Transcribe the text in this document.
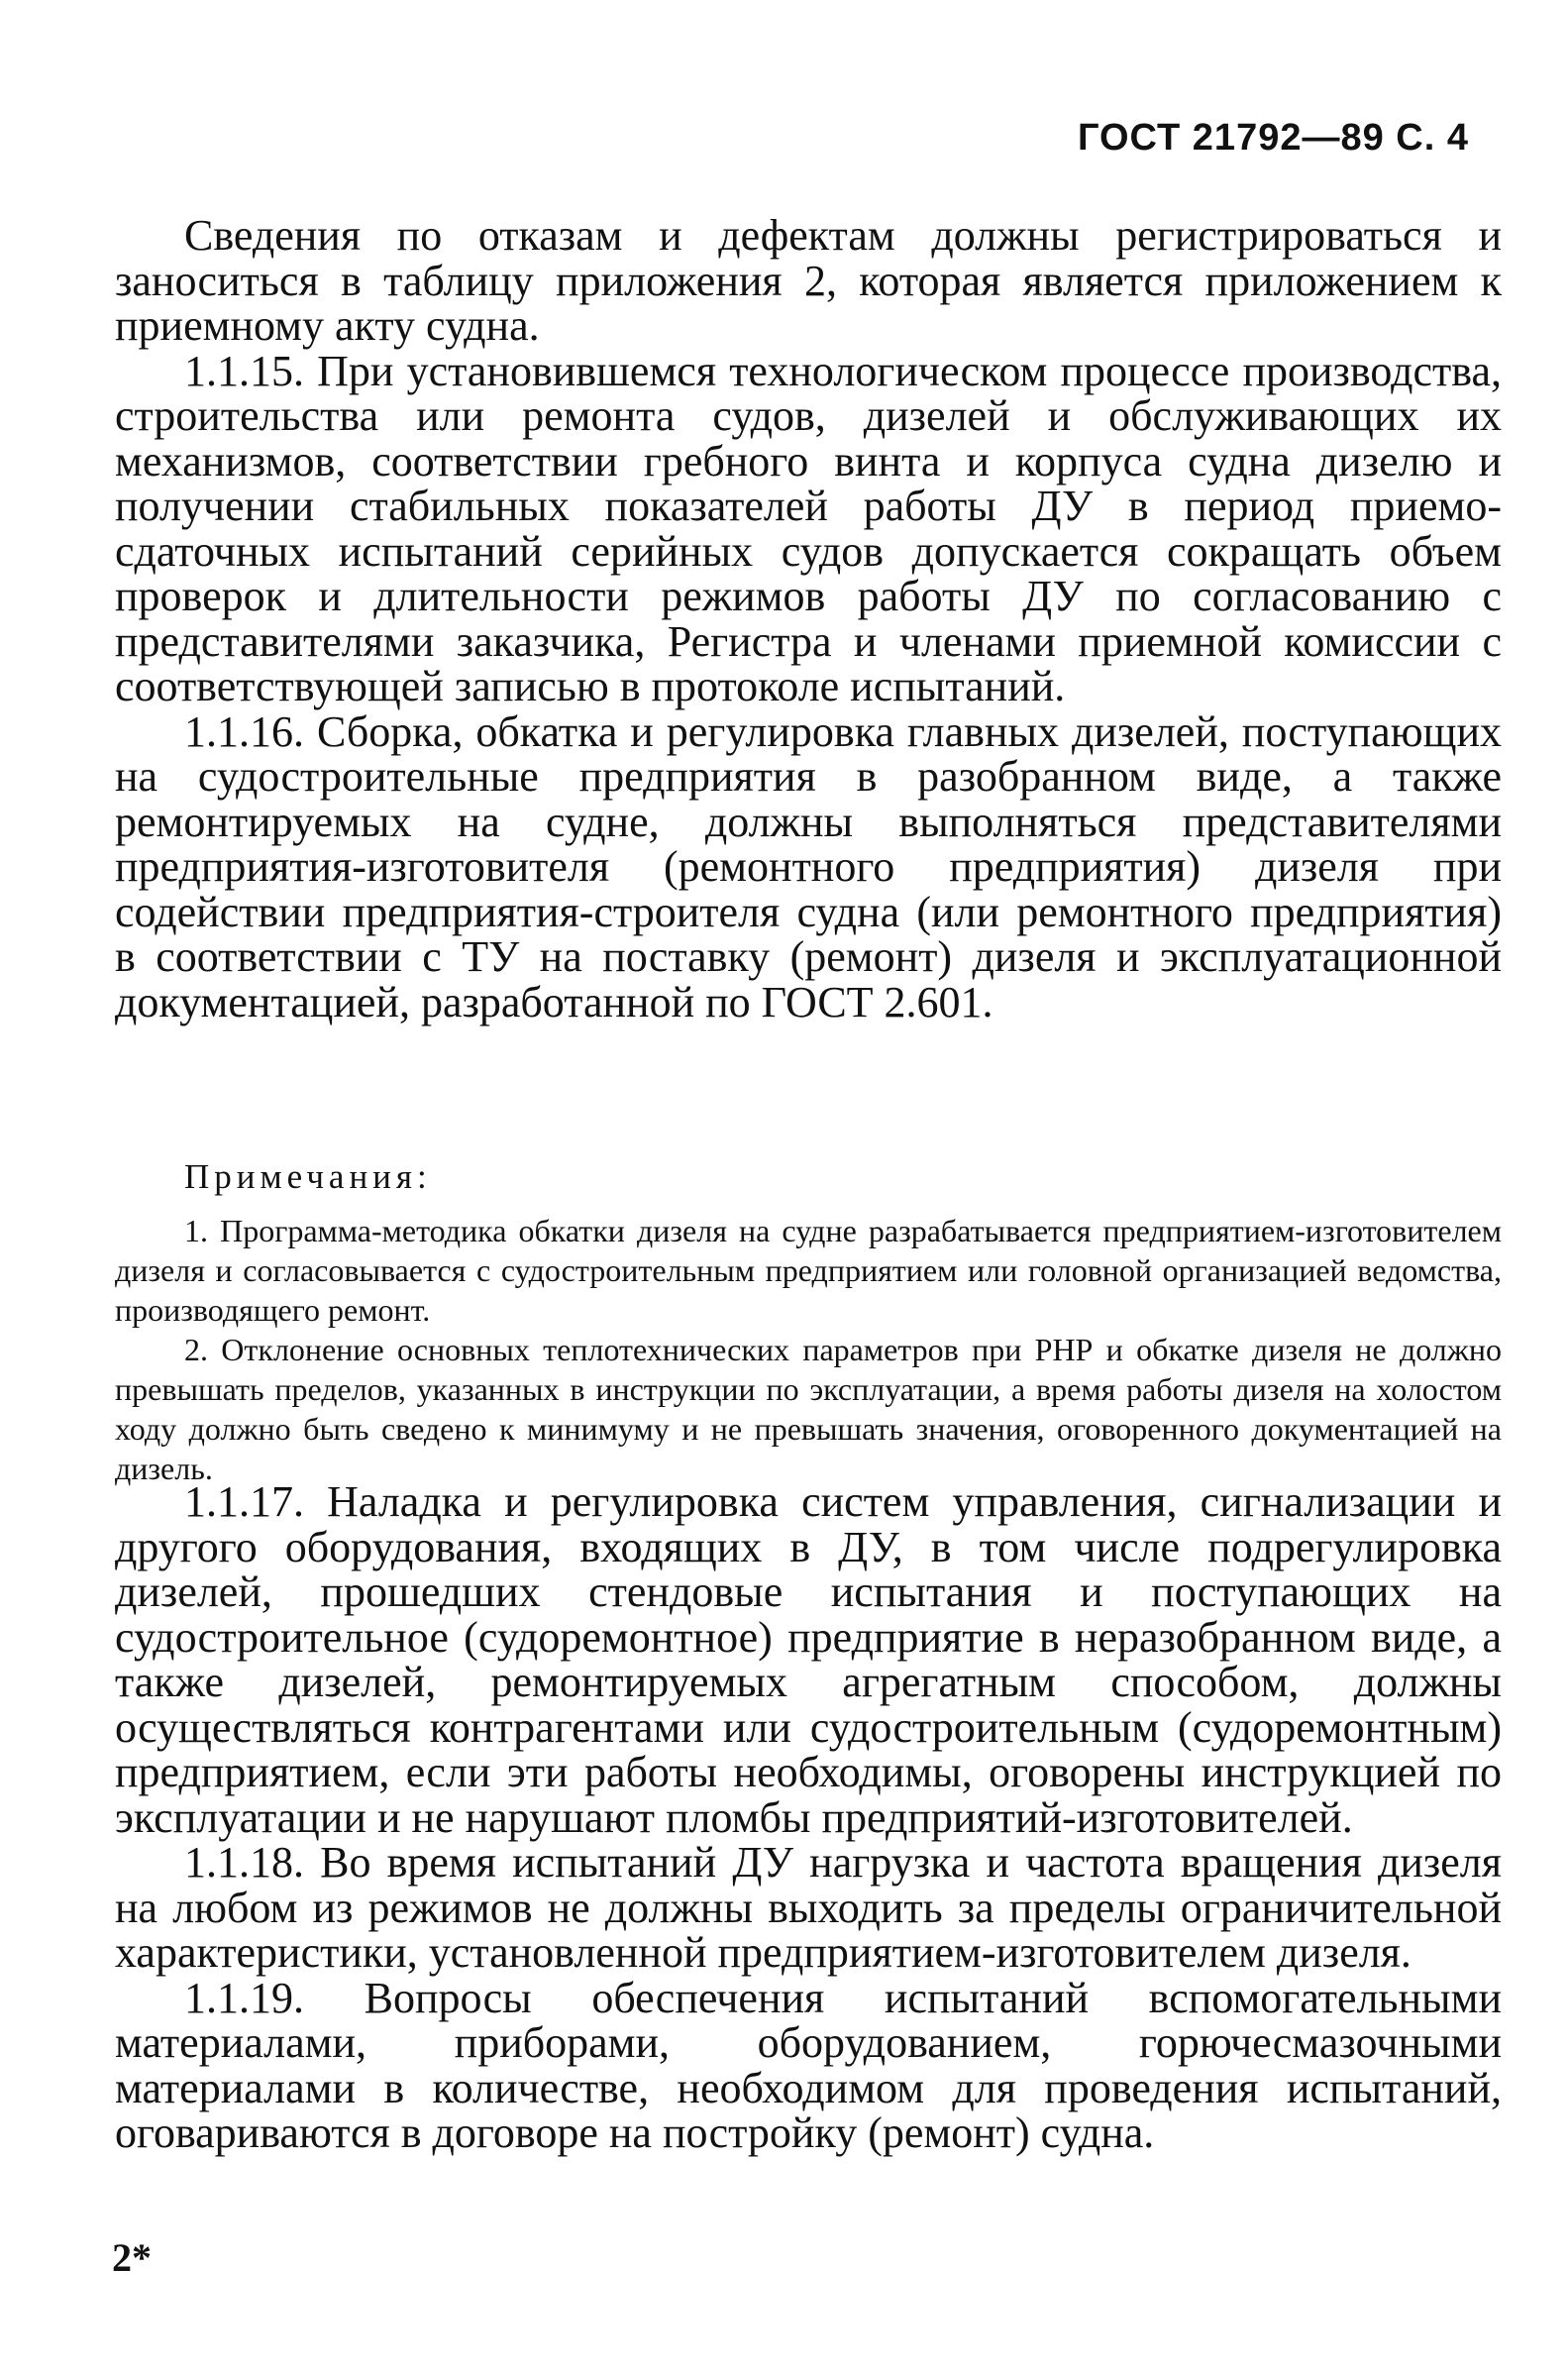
ГОСТ 21792—89 С. 4

Сведения по отказам и дефектам должны регистрироваться и заноситься в таблицу приложения 2, которая является приложением к приемному акту судна.

1.1.15. При установившемся технологическом процессе производства, строительства или ремонта судов, дизелей и обслуживающих их механизмов, соответствии гребного винта и корпуса судна дизелю и получении стабильных показателей работы ДУ в период приемо-сдаточных испытаний серийных судов допускается сокращать объем проверок и длительности режимов работы ДУ по согласованию с представителями заказчика, Регистра и членами приемной комиссии с соответствующей записью в протоколе испытаний.

1.1.16. Сборка, обкатка и регулировка главных дизелей, поступающих на судостроительные предприятия в разобранном виде, а также ремонтируемых на судне, должны выполняться представителями предприятия-изготовителя (ремонтного предприятия) дизеля при содействии предприятия-строителя судна (или ремонтного предприятия) в соответствии с ТУ на поставку (ремонт) дизеля и эксплуатационной документацией, разработанной по ГОСТ 2.601.

Примечания:

1. Программа-методика обкатки дизеля на судне разрабатывается предприятием-изготовителем дизеля и согласовывается с судостроительным предприятием или головной организацией ведомства, производящего ремонт.

2. Отклонение основных теплотехнических параметров при РНР и обкатке дизеля не должно превышать пределов, указанных в инструкции по эксплуатации, а время работы дизеля на холостом ходу должно быть сведено к минимуму и не превышать значения, оговоренного документацией на дизель.

1.1.17. Наладка и регулировка систем управления, сигнализации и другого оборудования, входящих в ДУ, в том числе подрегулировка дизелей, прошедших стендовые испытания и поступающих на судостроительное (судоремонтное) предприятие в неразобранном виде, а также дизелей, ремонтируемых агрегатным способом, должны осуществляться контрагентами или судостроительным (судоремонтным) предприятием, если эти работы необходимы, оговорены инструкцией по эксплуатации и не нарушают пломбы предприятий-изготовителей.

1.1.18. Во время испытаний ДУ нагрузка и частота вращения дизеля на любом из режимов не должны выходить за пределы ограничительной характеристики, установленной предприятием-изготовителем дизеля.

1.1.19. Вопросы обеспечения испытаний вспомогательными материалами, приборами, оборудованием, горючесмазочными материалами в количестве, необходимом для проведения испытаний, оговариваются в договоре на постройку (ремонт) судна.

2*
